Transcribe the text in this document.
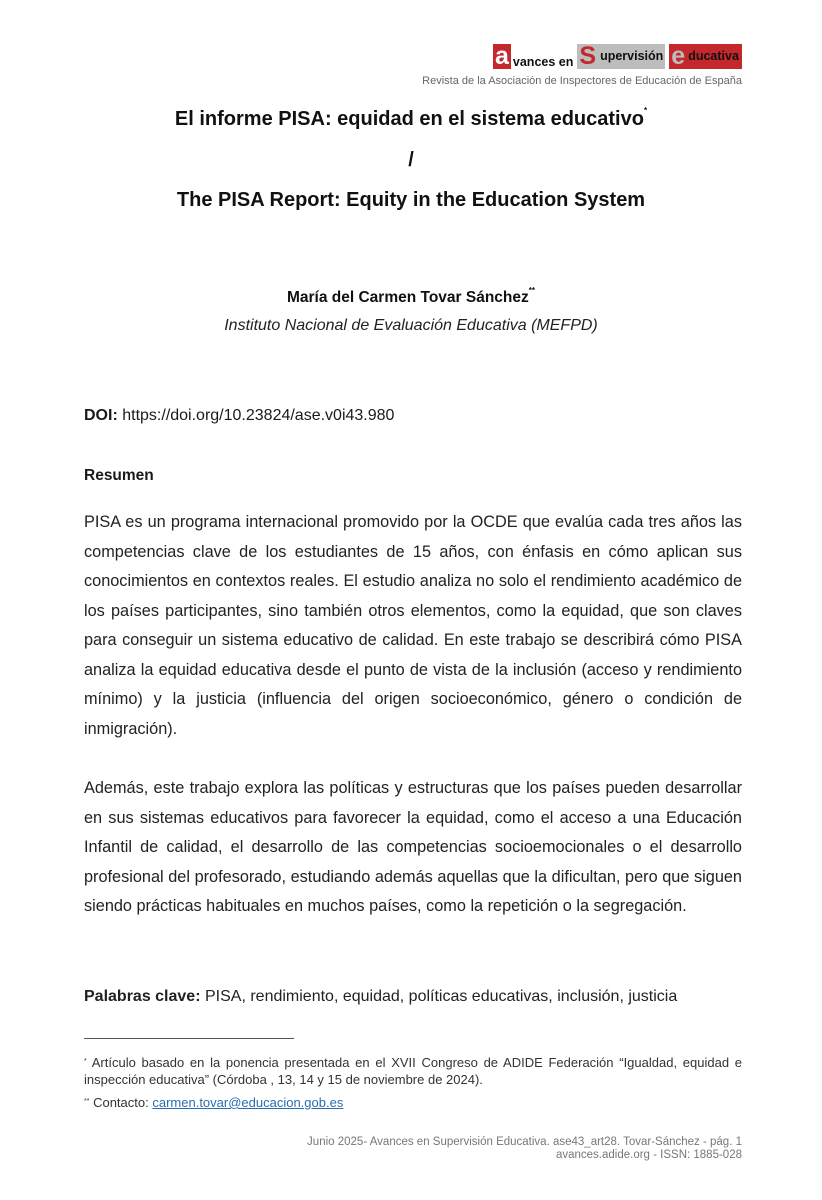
a vances en S upervisión e ducativa
Revista de la Asociación de Inspectores de Educación de España
El informe PISA: equidad en el sistema educativo*
/
The PISA Report: Equity in the Education System
María del Carmen Tovar Sánchez**
Instituto Nacional de Evaluación Educativa (MEFPD)
DOI: https://doi.org/10.23824/ase.v0i43.980
Resumen
PISA es un programa internacional promovido por la OCDE que evalúa cada tres años las competencias clave de los estudiantes de 15 años, con énfasis en cómo aplican sus conocimientos en contextos reales. El estudio analiza no solo el rendimiento académico de los países participantes, sino también otros elementos, como la equidad, que son claves para conseguir un sistema educativo de calidad. En este trabajo se describirá cómo PISA analiza la equidad educativa desde el punto de vista de la inclusión (acceso y rendimiento mínimo) y la justicia (influencia del origen socioeconómico, género o condición de inmigración).
Además, este trabajo explora las políticas y estructuras que los países pueden desarrollar en sus sistemas educativos para favorecer la equidad, como el acceso a una Educación Infantil de calidad, el desarrollo de las competencias socioemocionales o el desarrollo profesional del profesorado, estudiando además aquellas que la dificultan, pero que siguen siendo prácticas habituales en muchos países, como la repetición o la segregación.
Palabras clave: PISA, rendimiento, equidad, políticas educativas, inclusión, justicia
* Artículo basado en la ponencia presentada en el XVII Congreso de ADIDE Federación “Igualdad, equidad e inspección educativa” (Córdoba , 13, 14 y 15 de noviembre de 2024).
** Contacto: carmen.tovar@educacion.gob.es
Junio 2025- Avances en Supervisión Educativa. ase43_art28. Tovar-Sánchez - pág. 1
avances.adide.org - ISSN: 1885-028
